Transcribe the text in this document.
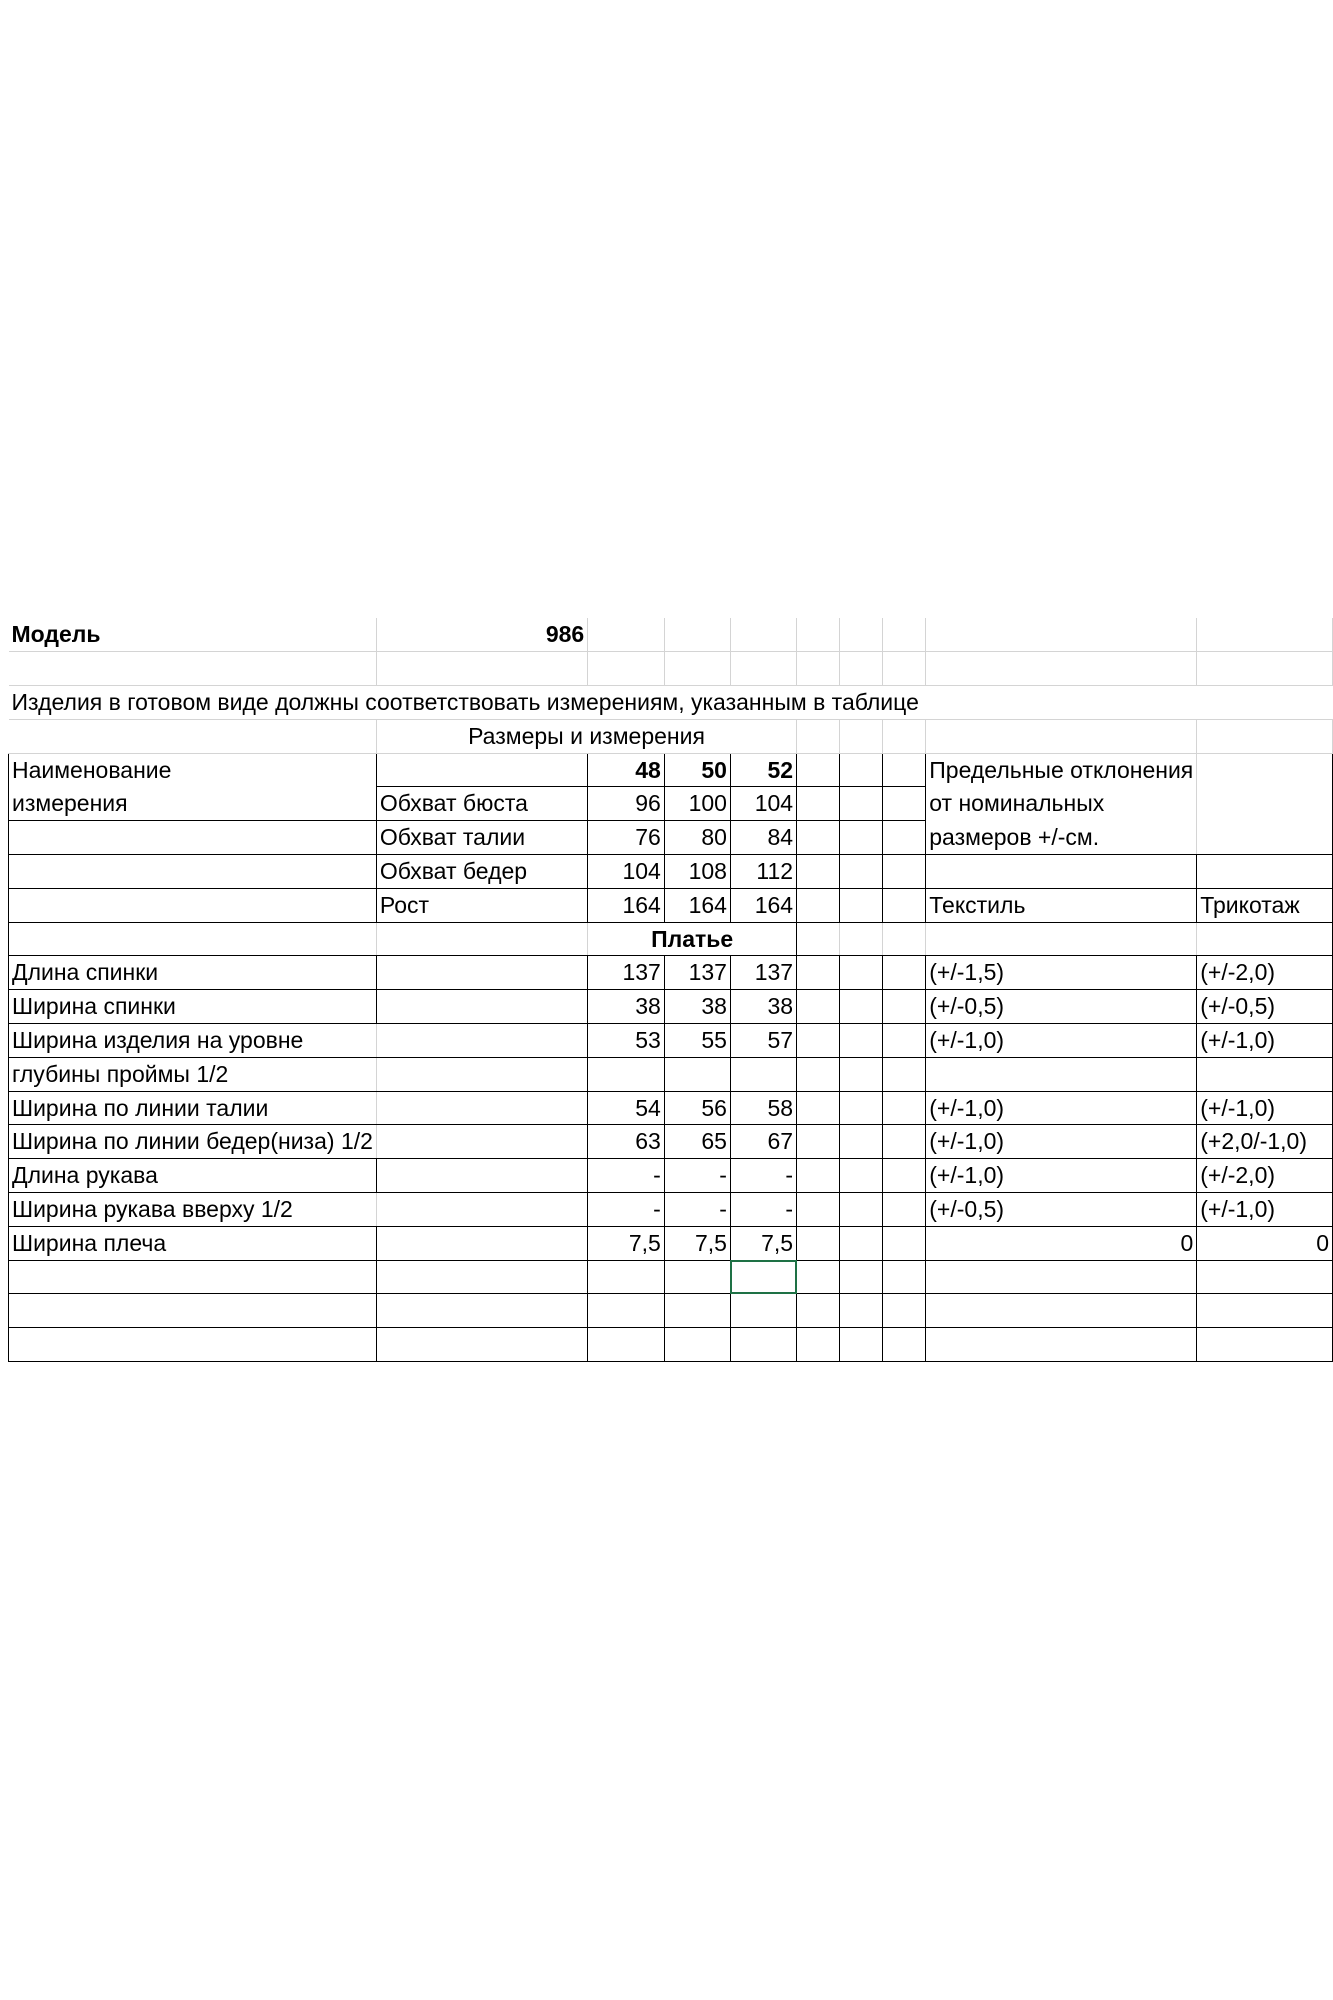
Модель	986								

Изделия в готовом виде должны соответствовать измерениям, указанным в таблице									
	Размеры и измерения								
Наименование		48	50	52				Предельные отклонения	
измерения	Обхват бюста	96	100	104				от номинальных	
	Обхват талии	76	80	84				размеров +/-см.	
	Обхват бедер	104	108	112					
	Рост	164	164	164				Текстиль	Трикотаж
		Платье							
Длина спинки		137	137	137				(+/-1,5)	(+/-2,0)
Ширина спинки		38	38	38				(+/-0,5)	(+/-0,5)
Ширина изделия на уровне		53	55	57				(+/-1,0)	(+/-1,0)
глубины проймы 1/2									
Ширина по линии талии		54	56	58				(+/-1,0)	(+/-1,0)
Ширина по линии бедер(низа) 1/2		63	65	67				(+/-1,0)	(+2,0/-1,0)
Длина рукава		-	-	-				(+/-1,0)	(+/-2,0)
Ширина рукава вверху 1/2		-	-	-				(+/-0,5)	(+/-1,0)
Ширина плеча		7,5	7,5	7,5				0	0
